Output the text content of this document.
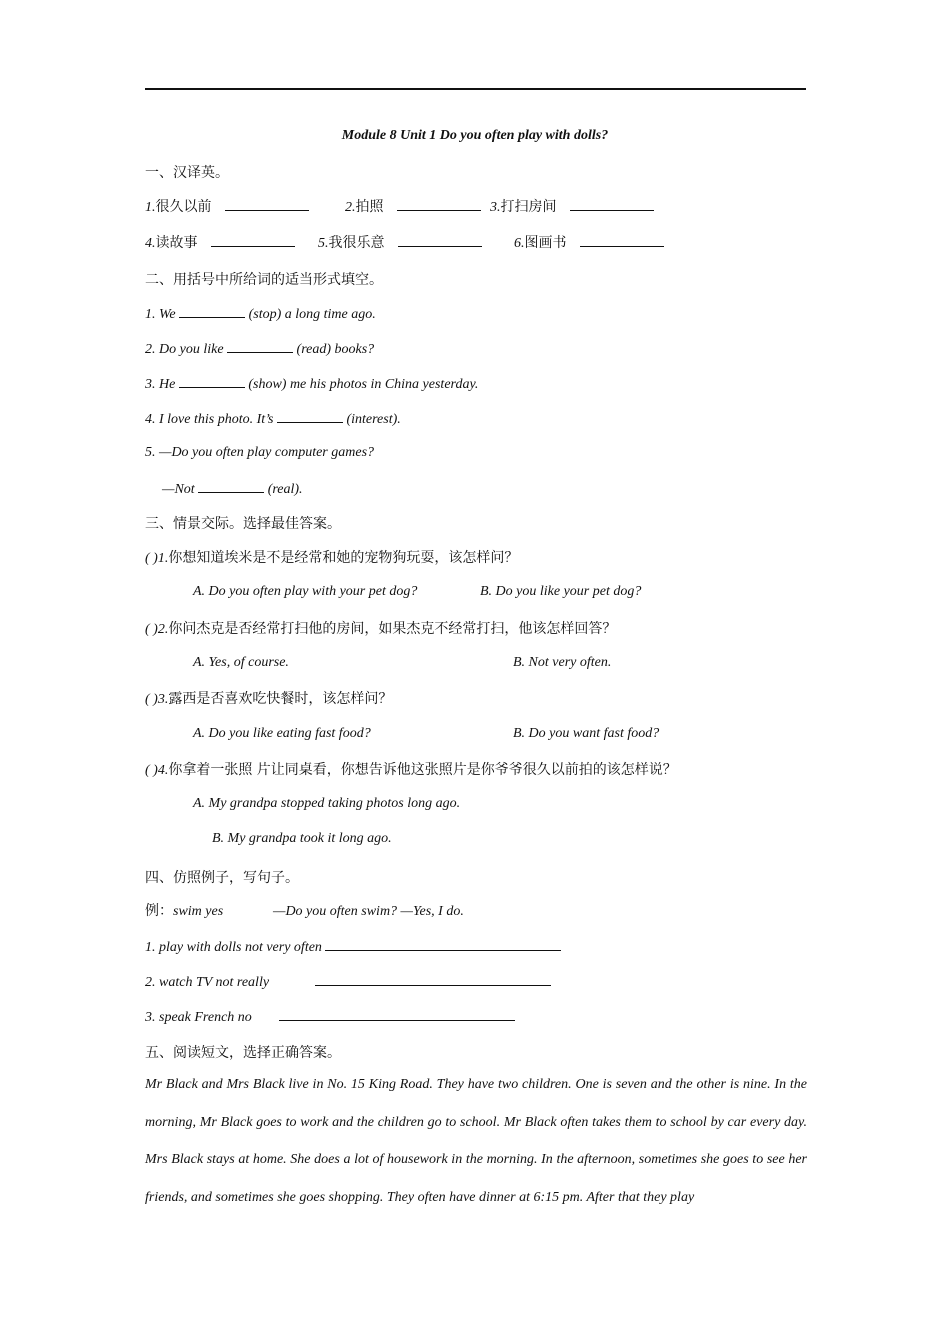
Module 8 Unit 1 Do you often play with dolls?
一、汉译英。
1.很久以前	2.拍照	3.打扫房间
4.读故事	5.我很乐意	6.图画书
二、用括号中所给词的适当形式填空。
1. We	(stop) a long time ago.
2. Do you like	(read) books?
3. He	(show) me his photos in China yesterday.
4. I love this photo. It’s	(interest).
5. —Do you often play computer games?
—Not	(real).
三、情景交际。选择最佳答案。
( )1.你想知道埃米是不是经常和她的宠物狗玩耍，该怎样问？
A. Do you often play with your pet dog?	B. Do you like your pet dog?
( )2.你问杰克是否经常打扫他的房间，如果杰克不经常打扫，他该怎样回答？
A. Yes, of course.	B. Not very often.
( )3.露西是否喜欢吃快餐时，该怎样问？
A. Do you like eating fast food?	B. Do you want fast food?
( )4.你拿着一张照 片让同桌看，你想告诉他这张照片是你爷爷很久以前拍的该怎样说？
A. My grandpa stopped taking photos long ago.
B. My grandpa took it long ago.
四、仿照例子，写句子。
例：swim yes	—Do you often swim? —Yes, I do.
1. play with dolls not very often
2. watch TV not really
3. speak French no
五、阅读短文，选择正确答案。
Mr Black and Mrs Black live in No. 15 King Road. They have two children. One is seven and the other is nine. In the morning, Mr Black goes to work and the children go to school. Mr Black often takes them to school by car every day. Mrs Black stays at home. She does a lot of housework in the morning. In the afternoon, sometimes she goes to see her friends, and sometimes she goes shopping. They often have dinner at 6:15 pm. After that they play
